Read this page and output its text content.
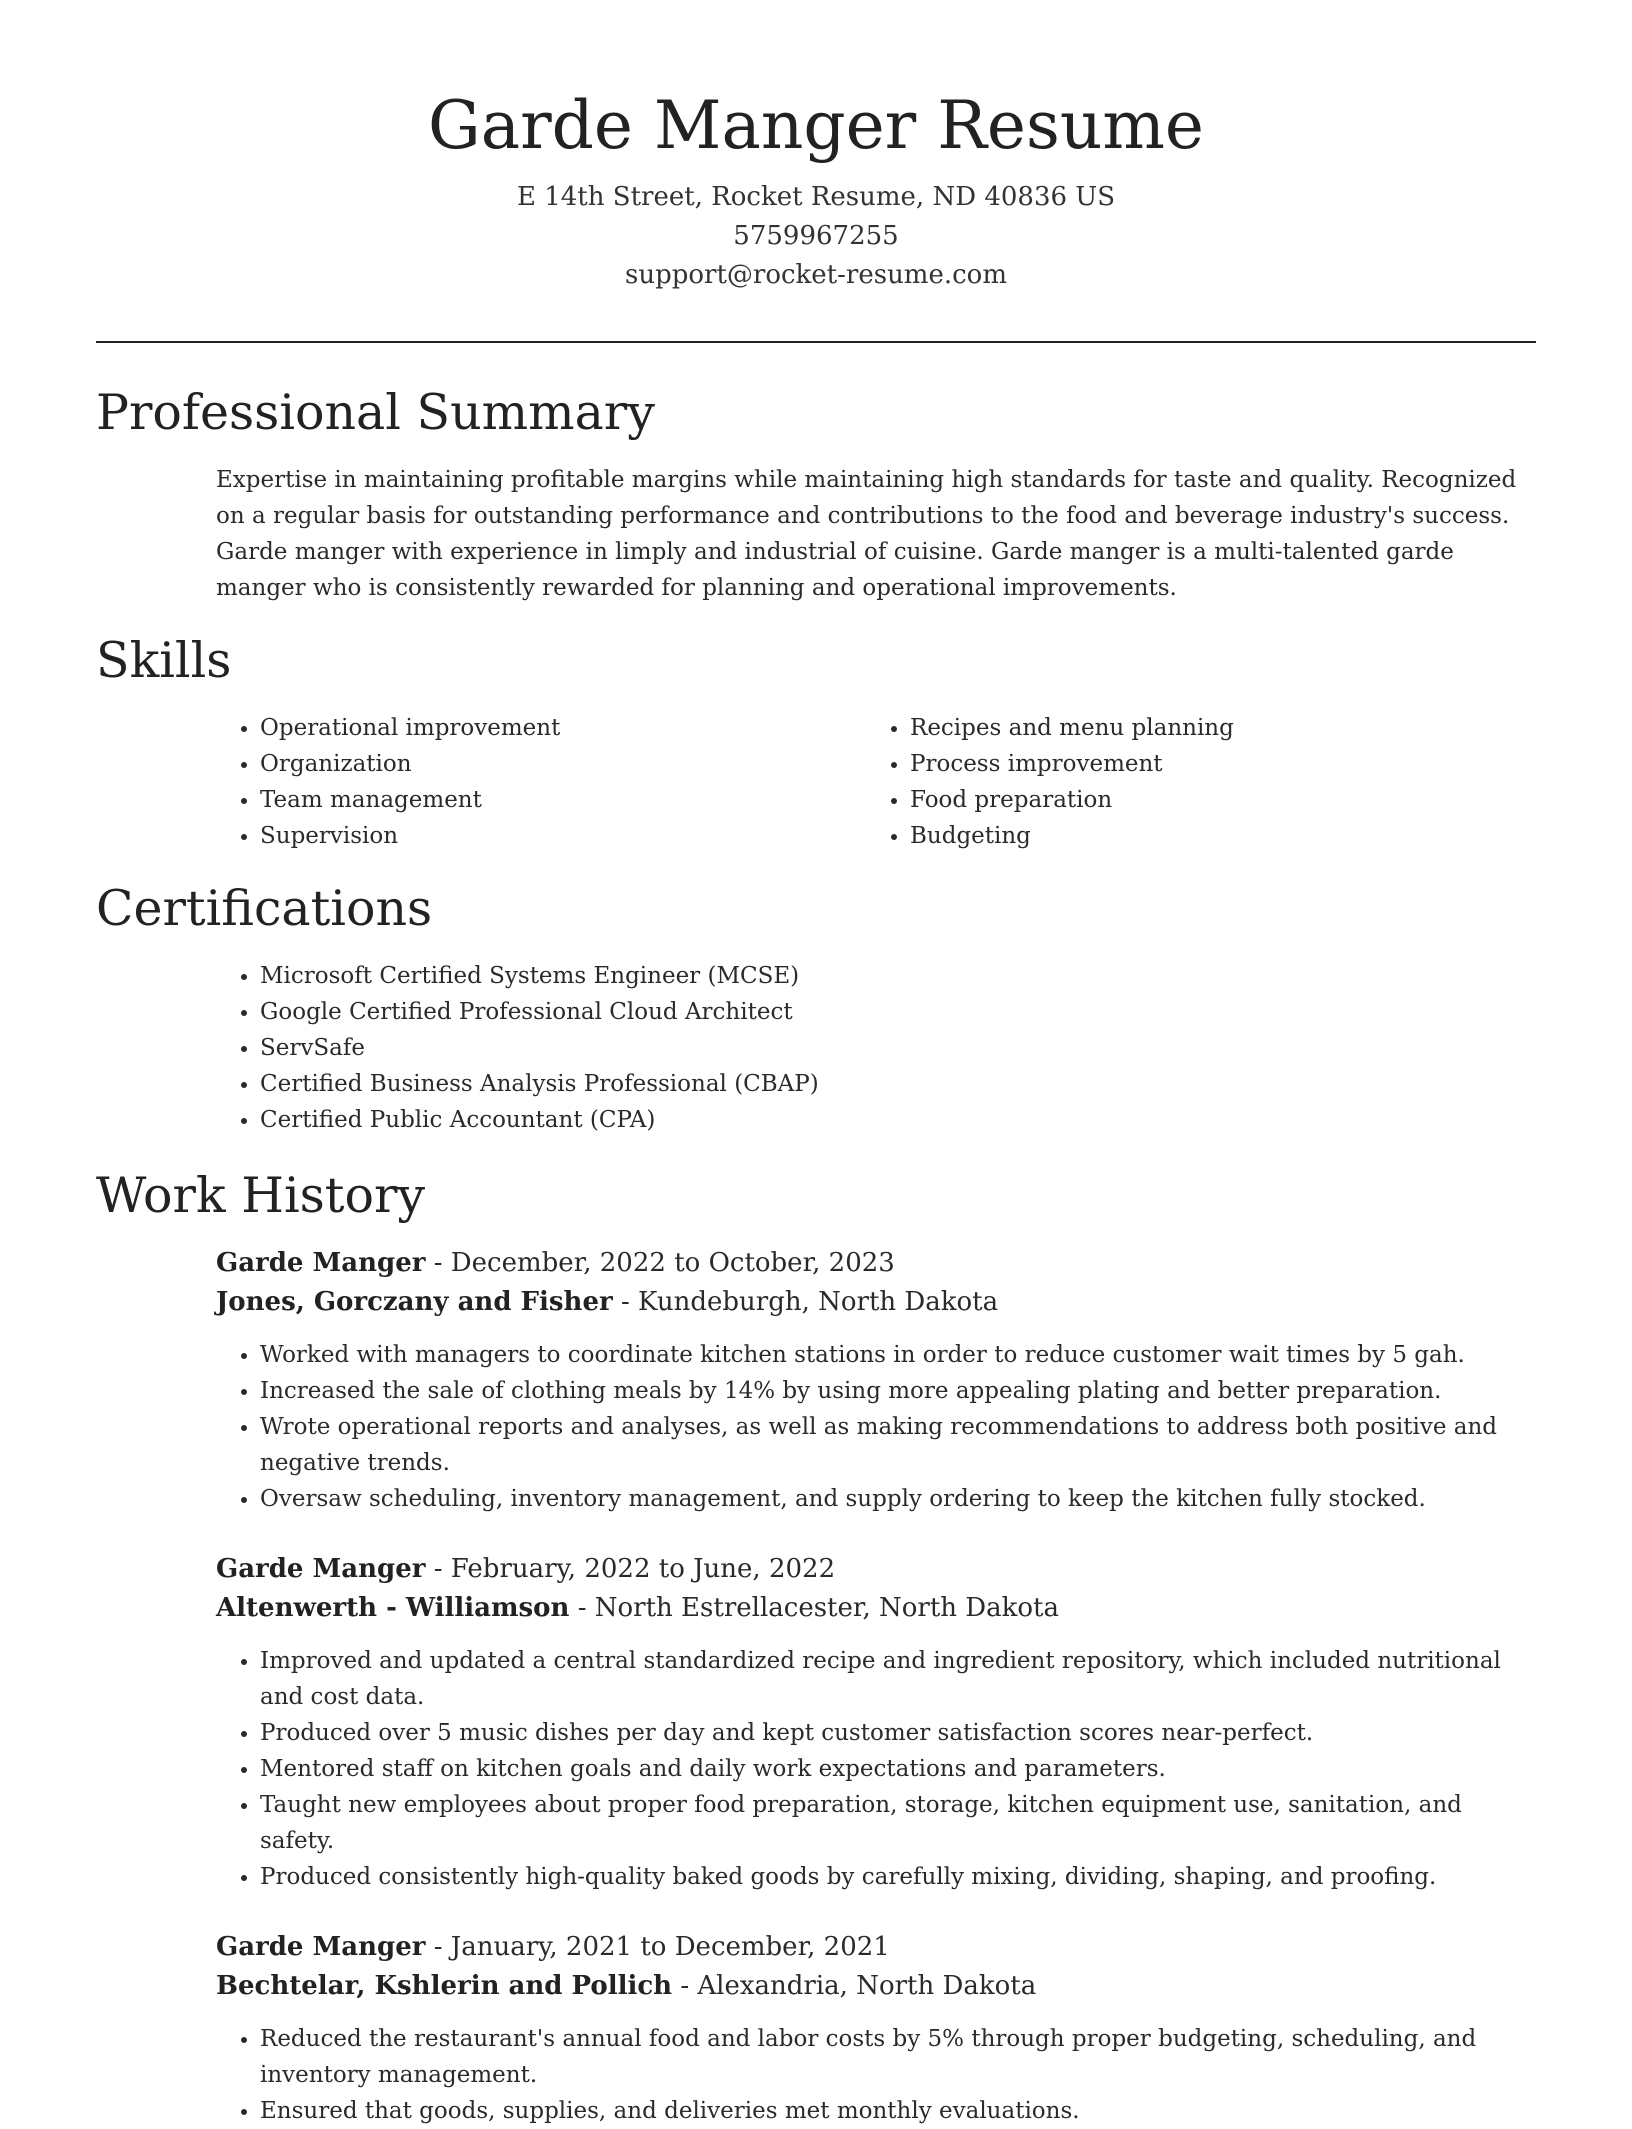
Garde Manger Resume
E 14th Street, Rocket Resume, ND 40836 US
5759967255
support@rocket-resume.com
Professional Summary

Expertise in maintaining profitable margins while maintaining high standards for taste and quality. Recognized on a regular basis for outstanding performance and contributions to the food and beverage industry's success. Garde manger with experience in limply and industrial of cuisine. Garde manger is a multi-talented garde manger who is consistently rewarded for planning and operational improvements.

Skills
• Operational improvement
• Organization
• Team management
• Supervision
• Recipes and menu planning
• Process improvement
• Food preparation
• Budgeting
Certifications
• Microsoft Certified Systems Engineer (MCSE)
• Google Certified Professional Cloud Architect
• ServSafe
• Certified Business Analysis Professional (CBAP)
• Certified Public Accountant (CPA)
Work History

Garde Manger - December, 2022 to October, 2023

Jones, Gorczany and Fisher - Kundeburgh, North Dakota

• Worked with managers to coordinate kitchen stations in order to reduce customer wait times by 5 gah.
• Increased the sale of clothing meals by 14% by using more appealing plating and better preparation.
• Wrote operational reports and analyses, as well as making recommendations to address both positive and negative trends.
• Oversaw scheduling, inventory management, and supply ordering to keep the kitchen fully stocked.

Garde Manger - February, 2022 to June, 2022

Altenwerth - Williamson - North Estrellacester, North Dakota

• Improved and updated a central standardized recipe and ingredient repository, which included nutritional and cost data.
• Produced over 5 music dishes per day and kept customer satisfaction scores near-perfect.
• Mentored staff on kitchen goals and daily work expectations and parameters.
• Taught new employees about proper food preparation, storage, kitchen equipment use, sanitation, and safety.
• Produced consistently high-quality baked goods by carefully mixing, dividing, shaping, and proofing.

Garde Manger - January, 2021 to December, 2021

Bechtelar, Kshlerin and Pollich - Alexandria, North Dakota

• Reduced the restaurant's annual food and labor costs by 5% through proper budgeting, scheduling, and inventory management.
• Ensured that goods, supplies, and deliveries met monthly evaluations.
